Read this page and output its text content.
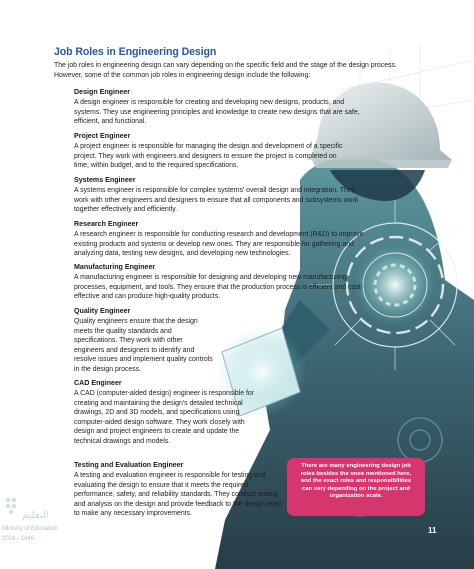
Job Roles in Engineering Design
The job roles in engineering design can vary depending on the specific field and the stage of the design process. However, some of the common job roles in engineering design include the following:
Design Engineer

A design engineer is responsible for creating and developing new designs, products, and systems. They use engineering principles and knowledge to create new designs that are safe, efficient, and functional.

Project Engineer

A project engineer is responsible for managing the design and development of a specific project. They work with engineers and designers to ensure the project is completed on time, within budget, and to the required specifications.

Systems Engineer

A systems engineer is responsible for complex systems' overall design and integration. They work with other engineers and designers to ensure that all components and subsystems work together effectively and efficiently.

Research Engineer

A research engineer is responsible for conducting research and development (R&D) to improve existing products and systems or develop new ones. They are responsible for gathering and analyzing data, testing new designs, and developing new technologies.

Manufacturing Engineer

A manufacturing engineer is responsible for designing and developing new manufacturing processes, equipment, and tools. They ensure that the production process is efficient and cost-effective and can produce high-quality products.

Quality Engineer

Quality engineers ensure that the design meets the quality standards and specifications. They work with other engineers and designers to identify and resolve issues and implement quality controls in the design process.

CAD Engineer

A CAD (computer-aided design) engineer is responsible for creating and maintaining the design's detailed technical drawings, 2D and 3D models, and specifications using computer-aided design software. They work closely with design and project engineers to create and update the technical drawings and models.

Testing and Evaluation Engineer

A testing and evaluation engineer is responsible for testing and evaluating the design to ensure that it meets the required performance, safety, and reliability standards. They conduct testing and analysis on the design and provide feedback to the design team to make any necessary improvements.

There are many engineering design job roles besides the ones mentioned here, and the exact roles and responsibilities can vary depending on the project and organization scale.
التعليم
Ministry of Education
2024 - 1446
11
